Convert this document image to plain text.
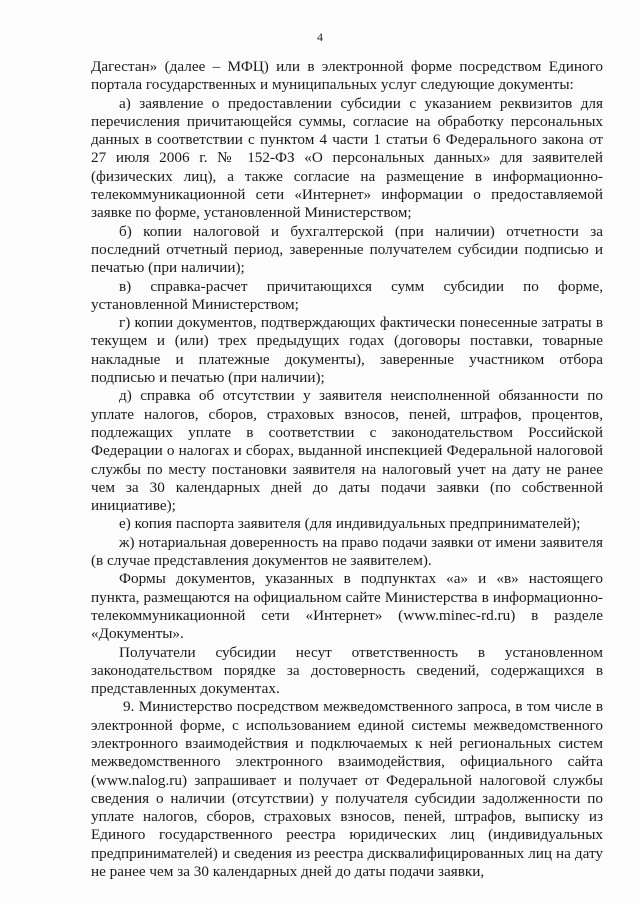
4

Дагестан» (далее – МФЦ) или в электронной форме посредством Единого портала государственных и муниципальных услуг следующие документы:

а) заявление о предоставлении субсидии с указанием реквизитов для перечисления причитающейся суммы, согласие на обработку персональных данных в соответствии с пунктом 4 части 1 статьи 6 Федерального закона от 27 июля 2006 г. № 152-ФЗ «О персональных данных» для заявителей (физических лиц), а также согласие на размещение в информационно-телекоммуникационной сети «Интернет» информации о предоставляемой заявке по форме, установленной Министерством;

б) копии налоговой и бухгалтерской (при наличии) отчетности за последний отчетный период, заверенные получателем субсидии подписью и печатью (при наличии);

в) справка-расчет причитающихся сумм субсидии по форме, установленной Министерством;

г) копии документов, подтверждающих фактически понесенные затраты в текущем и (или) трех предыдущих годах (договоры поставки, товарные накладные и платежные документы), заверенные участником отбора подписью и печатью (при наличии);

д) справка об отсутствии у заявителя неисполненной обязанности по уплате налогов, сборов, страховых взносов, пеней, штрафов, процентов, подлежащих уплате в соответствии с законодательством Российской Федерации о налогах и сборах, выданной инспекцией Федеральной налоговой службы по месту постановки заявителя на налоговый учет на дату не ранее чем за 30 календарных дней до даты подачи заявки (по собственной инициативе);

е) копия паспорта заявителя (для индивидуальных предпринимателей);

ж) нотариальная доверенность на право подачи заявки от имени заявителя (в случае представления документов не заявителем).

Формы документов, указанных в подпунктах «а» и «в» настоящего пункта, размещаются на официальном сайте Министерства в информационно-телекоммуникационной сети «Интернет» (www.minec-rd.ru) в разделе «Документы».

Получатели субсидии несут ответственность в установленном законодательством порядке за достоверность сведений, содержащихся в представленных документах.

9. Министерство посредством межведомственного запроса, в том числе в электронной форме, с использованием единой системы межведомственного электронного взаимодействия и подключаемых к ней региональных систем межведомственного электронного взаимодействия, официального сайта (www.nalog.ru) запрашивает и получает от Федеральной налоговой службы сведения о наличии (отсутствии) у получателя субсидии задолженности по уплате налогов, сборов, страховых взносов, пеней, штрафов, выписку из Единого государственного реестра юридических лиц (индивидуальных предпринимателей) и сведения из реестра дисквалифицированных лиц на дату не ранее чем за 30 календарных дней до даты подачи заявки,
